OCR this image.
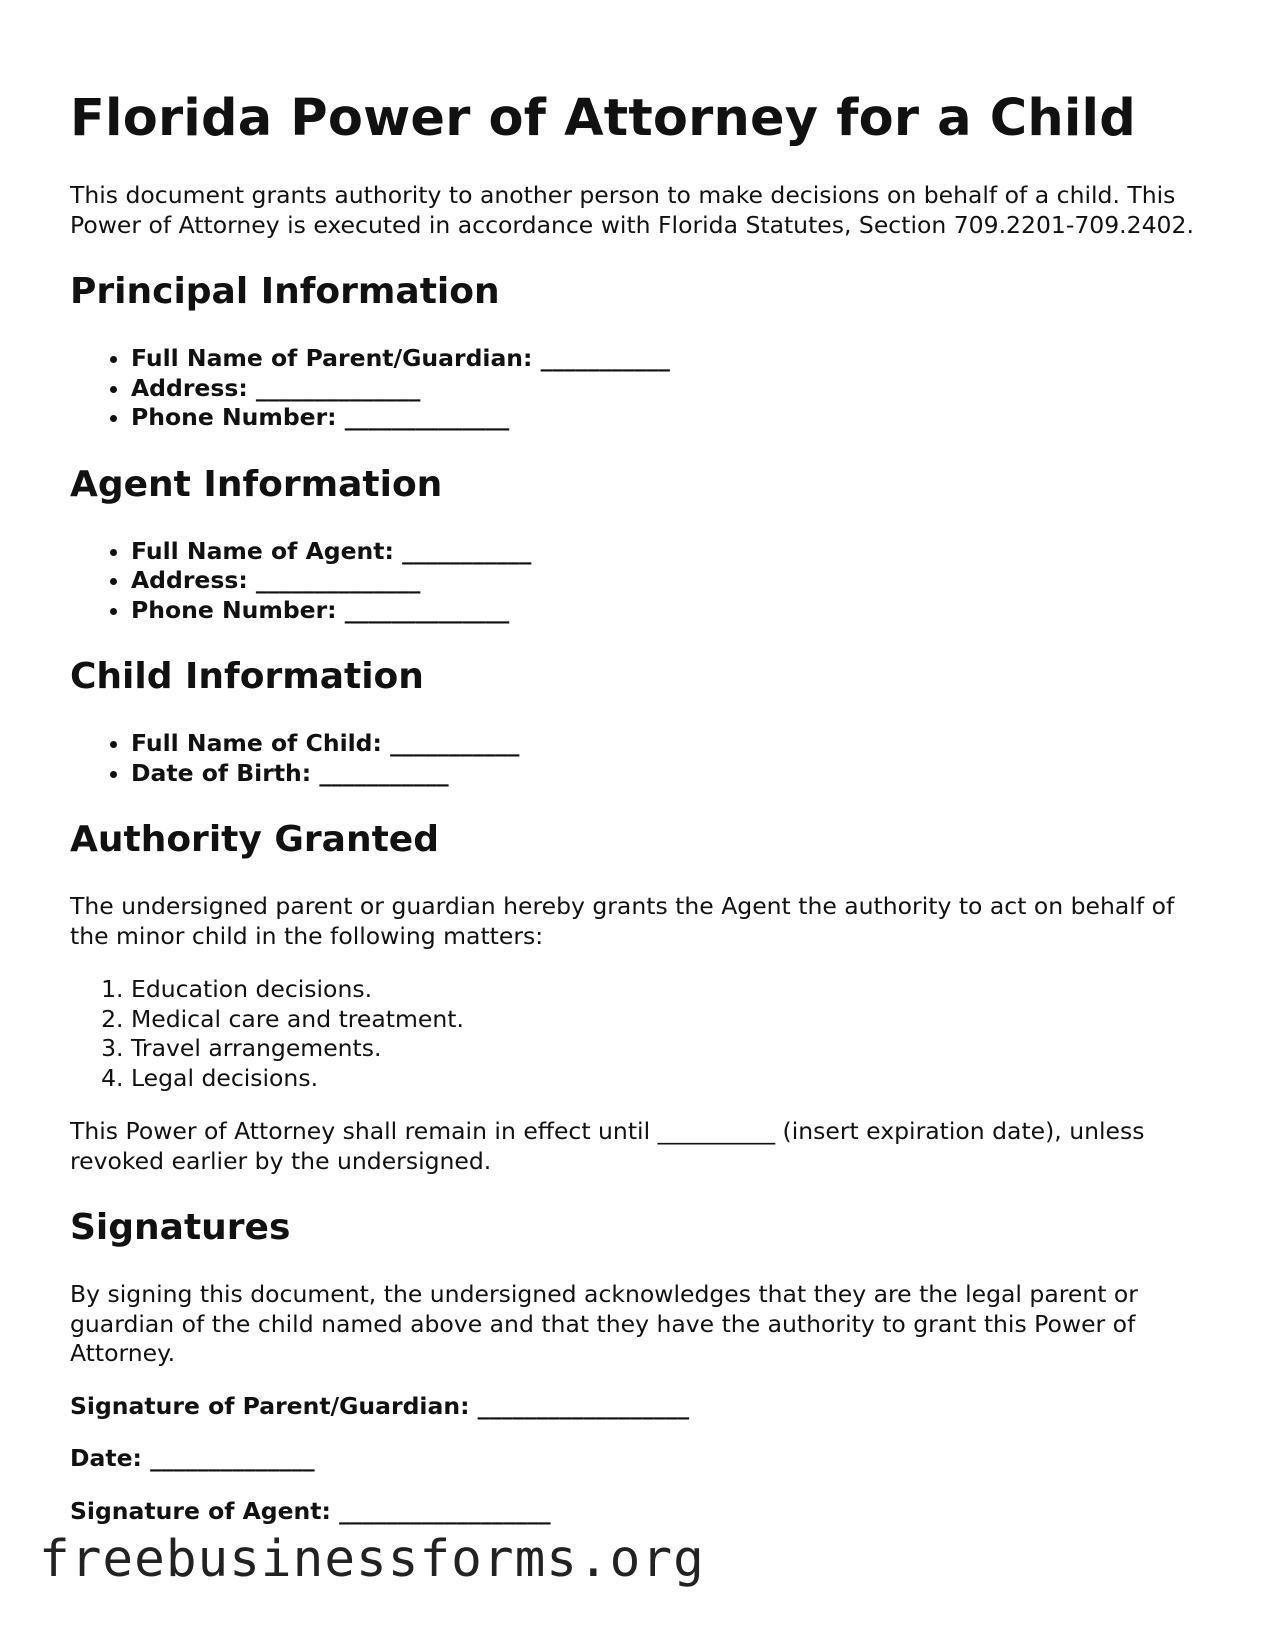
Florida Power of Attorney for a Child

This document grants authority to another person to make decisions on behalf of a child. This Power of Attorney is executed in accordance with Florida Statutes, Section 709.2201-709.2402.

Principal Information
• Full Name of Parent/Guardian: ___________
• Address: ______________
• Phone Number: ______________
Agent Information
• Full Name of Agent: ___________
• Address: ______________
• Phone Number: ______________
Child Information
• Full Name of Child: ___________
• Date of Birth: ___________
Authority Granted

The undersigned parent or guardian hereby grants the Agent the authority to act on behalf of the minor child in the following matters:

1. Education decisions.
2. Medical care and treatment.
3. Travel arrangements.
4. Legal decisions.

This Power of Attorney shall remain in effect until __________ (insert expiration date), unless revoked earlier by the undersigned.

Signatures

By signing this document, the undersigned acknowledges that they are the legal parent or guardian of the child named above and that they have the authority to grant this Power of Attorney.

Signature of Parent/Guardian: __________________

Date: ______________

Signature of Agent: __________________

freebusinessforms.org
